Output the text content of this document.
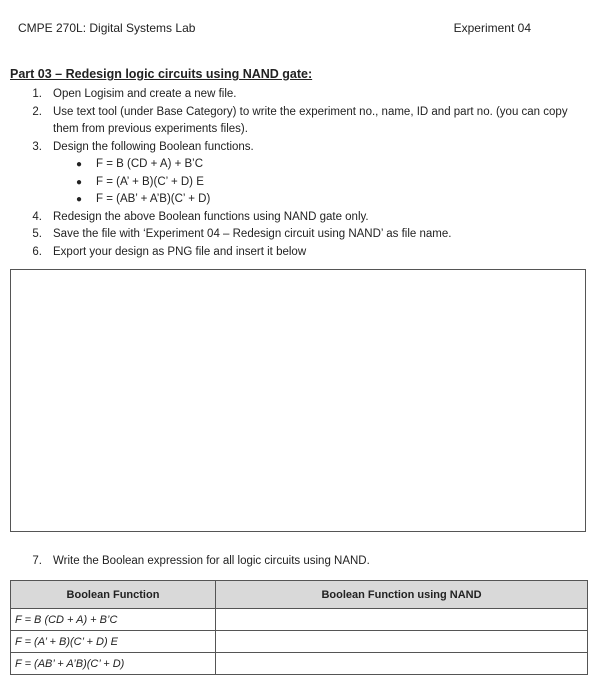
CMPE 270L: Digital Systems Lab	Experiment 04
Part 03 – Redesign logic circuits using NAND gate:
1. Open Logisim and create a new file.
2. Use text tool (under Base Category) to write the experiment no., name, ID and part no. (you can copy them from previous experiments files).
3. Design the following Boolean functions.
●	F = B (CD + A) + B’C
●	F = (A’ + B)(C’ + D) E
●	F = (AB’ + A’B)(C’ + D)
4. Redesign the above Boolean functions using NAND gate only.
5. Save the file with ‘Experiment 04 – Redesign circuit using NAND’ as file name.
6. Export your design as PNG file and insert it below
7. Write the Boolean expression for all logic circuits using NAND.
Boolean Function	Boolean Function using NAND
F = B (CD + A) + B’C	
F = (A’ + B)(C’ + D) E	
F = (AB’ + A’B)(C’ + D)	
